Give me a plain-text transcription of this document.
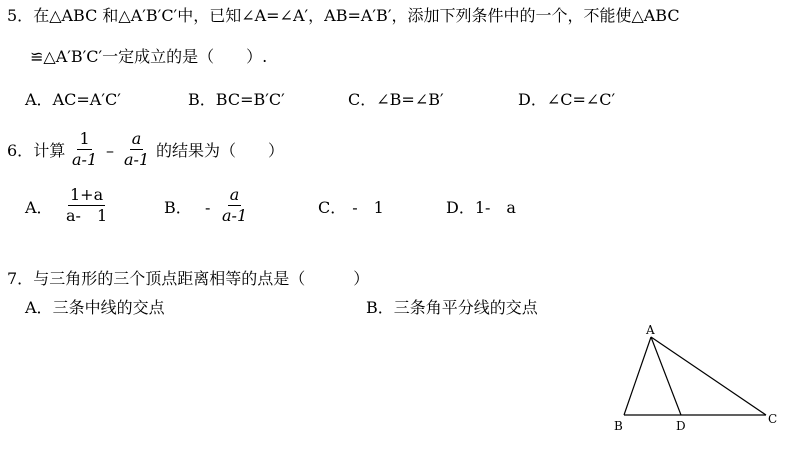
5．在△ABC 和△A′B′C′中，已知∠A=∠A′，AB=A′B′，添加下列条件中的一个，不能使△ABC
≌△A′B′C′一定成立的是（　　）.
A．AC=A′C′	B．BC=B′C′	C．∠B=∠B′	D．∠C=∠C′
6．计算 $\frac{1}{a-1} - \frac{a}{a-1}$ 的结果为（　　）
A． $\frac{1+a}{a- 1}$	B． - $\frac{a}{a-1}$	C． -　1	D．1-　a
7．与三角形的三个顶点距离相等的点是（　　　）
A．三条中线的交点	B．三条角平分线的交点
A
B	D	C
